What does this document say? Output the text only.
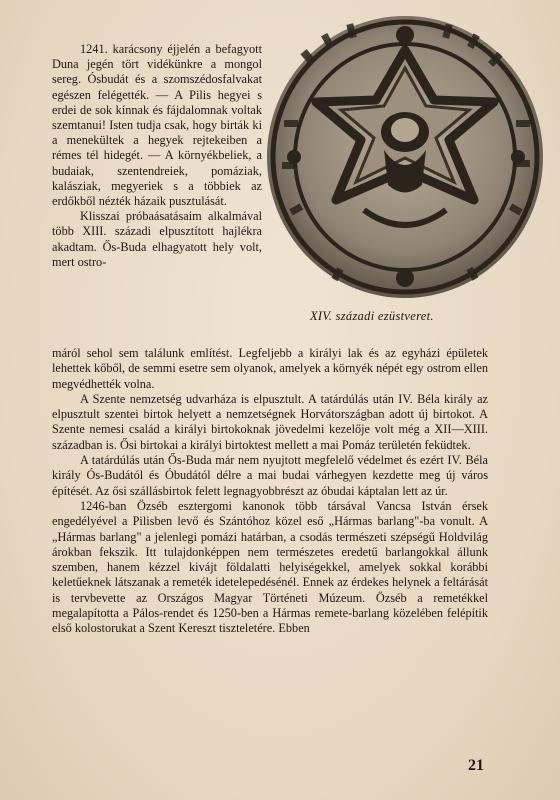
XIV. századi ezüstveret.

1241. karácsony éjjelén a befagyott Duna jegén tört vidékünkre a mongol sereg. Ósbudát és a szomszédosfalvakat egészen felégették. — A Pilis hegyei s erdei de sok kínnak és fájdalomnak voltak szemtanui! Isten tudja csak, hogy birták ki a menekültek a hegyek rejtekeiben a rémes tél hidegét. — A környékbeliek, a budaiak, szentendreiek, pomáziak, kalásziak, megyeriek s a többiek az erdőkből nézték házaik pusztulását.

Klisszai próbaásatásaim alkalmával több XIII. századi elpusztított hajlékra akadtam. Ős-Buda elhagyatott hely volt, mert ostro-

máról sehol sem találunk említést. Legfeljebb a királyi lak és az egyházi épületek lehettek kőből, de semmi esetre sem olyanok, amelyek a környék népét egy ostrom ellen megvédhették volna.

A Szente nemzetség udvarháza is elpusztult. A tatárdúlás után IV. Béla király az elpusztult szentei birtok helyett a nemzetségnek Horvátországban adott új birtokot. A Szente nemesi család a királyi birtokoknak jövedelmi kezelője volt még a XII—XIII. században is. Ősi birtokai a királyi birtoktest mellett a mai Pomáz területén feküdtek.

A tatárdúlás után Ős-Buda már nem nyujtott megfelelő védelmet és ezért IV. Béla király Ós-Budától és Óbudától délre a mai budai várhegyen kezdette meg új város építését. Az ősi szállásbirtok felett legnagyobbrészt az óbudai káptalan lett az úr.

1246-ban Özséb esztergomi kanonok több társával Vancsa István érsek engedélyével a Pilisben levő és Szántóhoz közel eső „Hármas barlang"-ba vonult. A „Hármas barlang" a jelenlegi pomázi határban, a csodás természeti szépségű Holdvilág árokban fekszik. Itt tulajdonképpen nem természetes eredetű barlangokkal állunk szemben, hanem kézzel kivájt földalatti helyiségekkel, amelyek sokkal korábbi keletűeknek látszanak a remeték idetelepedésénél. Ennek az érdekes helynek a feltárását is tervbevette az Országos Magyar Történeti Múzeum. Özséb a remetékkel megalapította a Pálos-rendet és 1250-ben a Hármas remete-barlang közelében felépítik első kolostorukat a Szent Kereszt tiszteletére. Ebben

21
